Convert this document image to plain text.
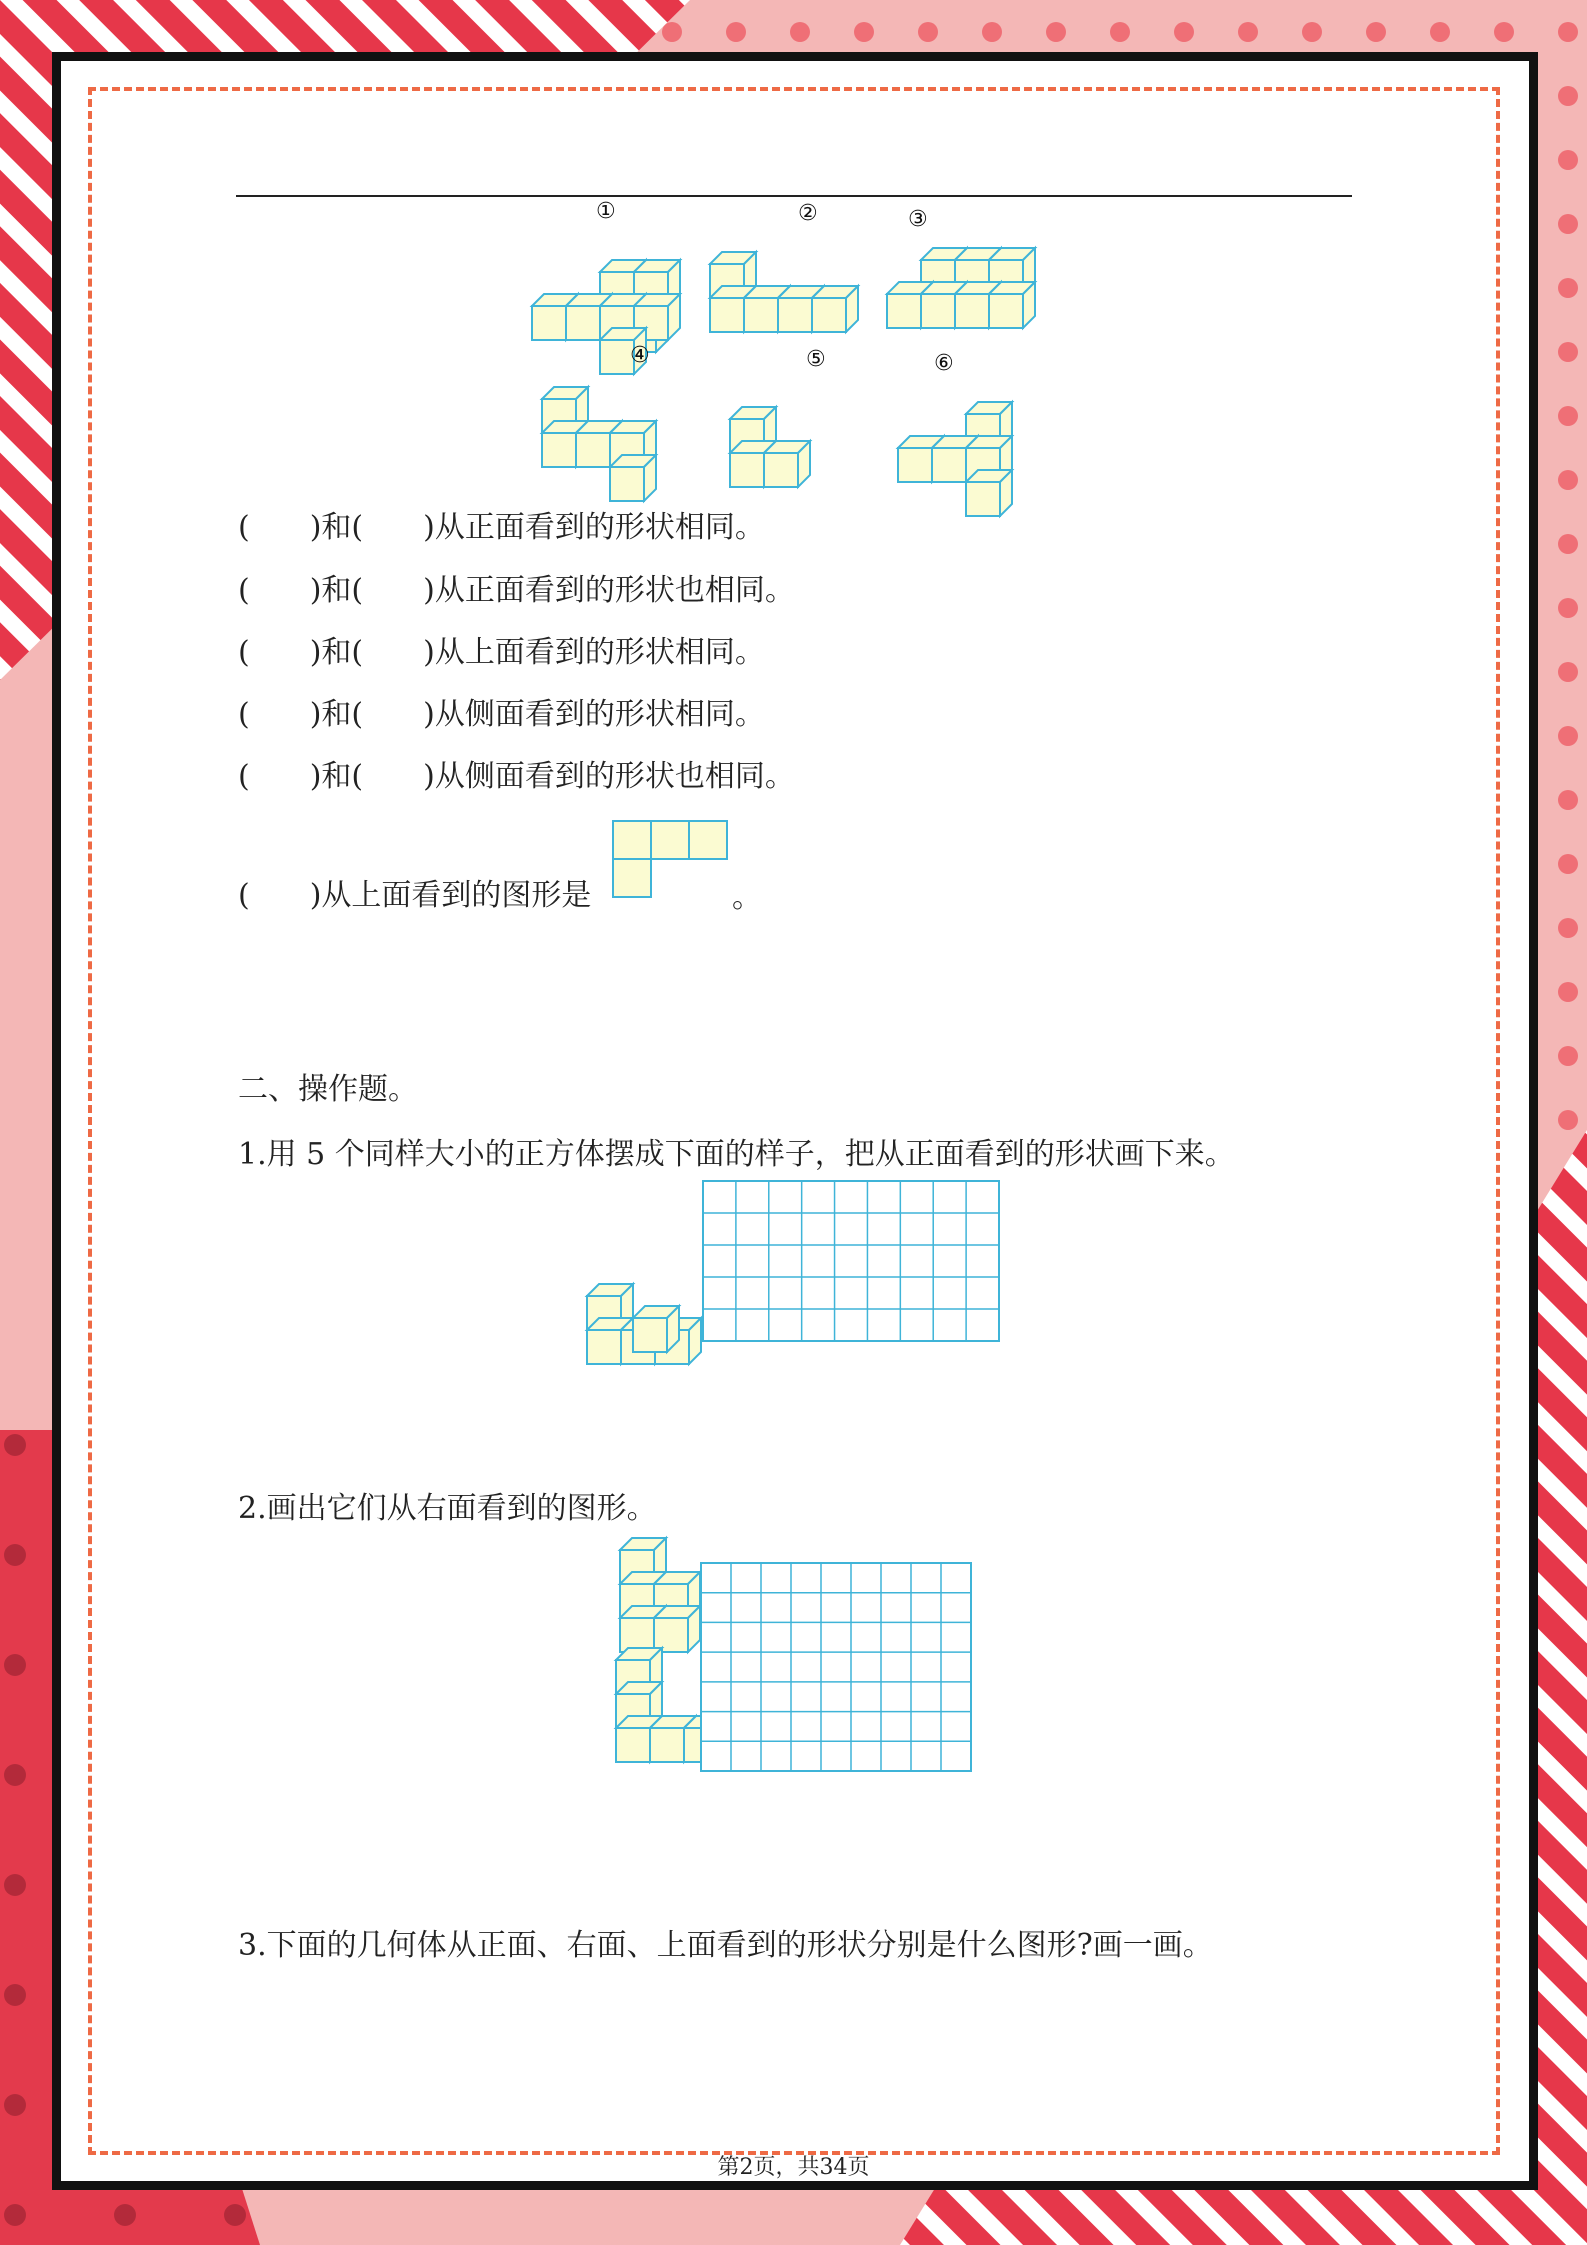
①	②	③
④	⑤	⑥
( )和( )从正面看到的形状相同。
( )和( )从正面看到的形状也相同。
( )和( )从上面看到的形状相同。
( )和( )从侧面看到的形状相同。
( )和( )从侧面看到的形状也相同。
( )从上面看到的图形是	。
二、操作题。
1.用 5 个同样大小的正方体摆成下面的样子，把从正面看到的形状画下来。
2.画出它们从右面看到的图形。
3.下面的几何体从正面、右面、上面看到的形状分别是什么图形?画一画。
第2页，共34页
